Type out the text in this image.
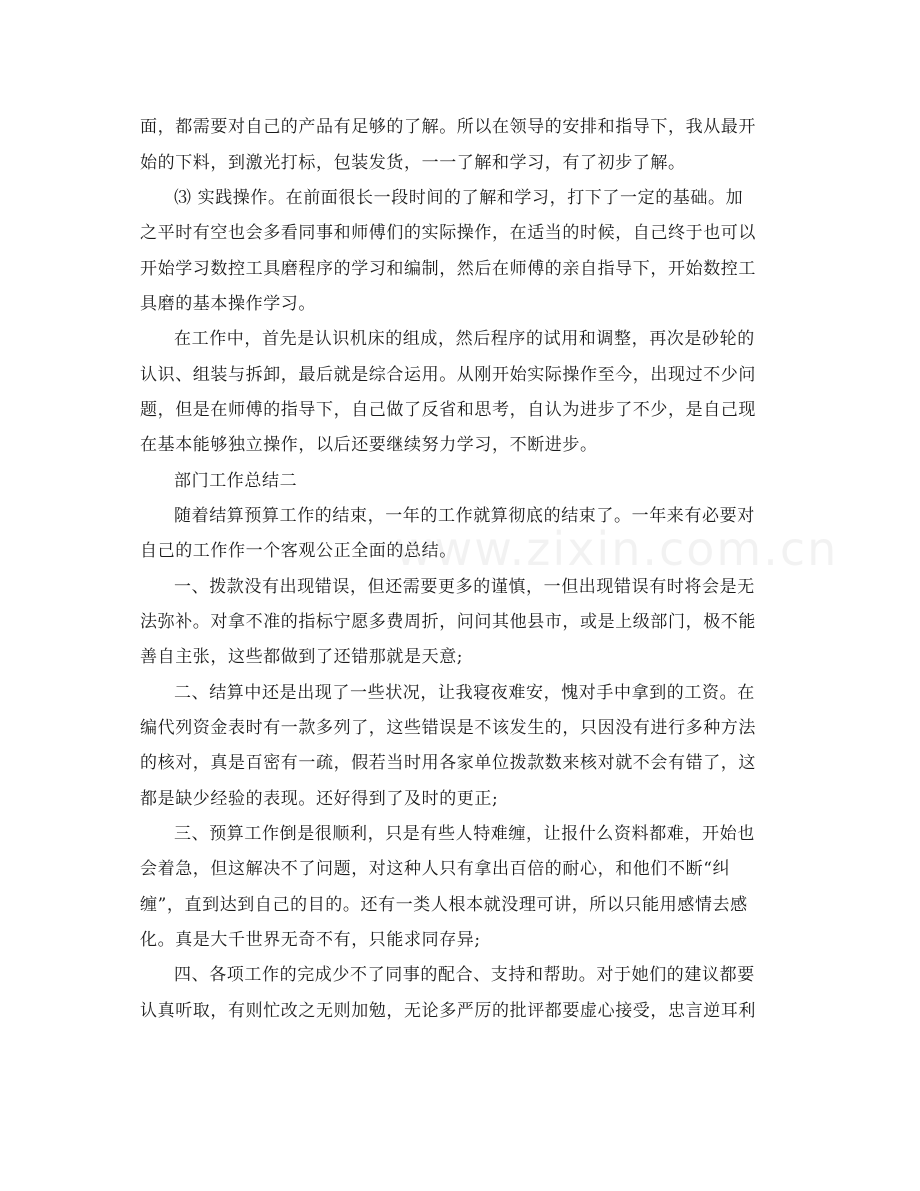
www.zixin.com.cn
面，都需要对自己的产品有足够的了解。所以在领导的安排和指导下，我从最开
始的下料，到激光打标，包装发货，一一了解和学习，有了初步了解。
⑶ 实践操作。在前面很长一段时间的了解和学习，打下了一定的基础。加
之平时有空也会多看同事和师傅们的实际操作，在适当的时候，自己终于也可以
开始学习数控工具磨程序的学习和编制，然后在师傅的亲自指导下，开始数控工
具磨的基本操作学习。
在工作中，首先是认识机床的组成，然后程序的试用和调整，再次是砂轮的
认识、组装与拆卸，最后就是综合运用。从刚开始实际操作至今，出现过不少问
题，但是在师傅的指导下，自己做了反省和思考，自认为进步了不少，是自己现
在基本能够独立操作，以后还要继续努力学习，不断进步。
部门工作总结二
随着结算预算工作的结束，一年的工作就算彻底的结束了。一年来有必要对
自己的工作作一个客观公正全面的总结。
一、拨款没有出现错误，但还需要更多的谨慎，一但出现错误有时将会是无
法弥补。对拿不准的指标宁愿多费周折，问问其他县市，或是上级部门，极不能
善自主张，这些都做到了还错那就是天意;
二、结算中还是出现了一些状况，让我寝夜难安，愧对手中拿到的工资。在
编代列资金表时有一款多列了，这些错误是不该发生的，只因没有进行多种方法
的核对，真是百密有一疏，假若当时用各家单位拨款数来核对就不会有错了，这
都是缺少经验的表现。还好得到了及时的更正;
三、预算工作倒是很顺利，只是有些人特难缠，让报什么资料都难，开始也
会着急，但这解决不了问题，对这种人只有拿出百倍的耐心，和他们不断“纠
缠”，直到达到自己的目的。还有一类人根本就没理可讲，所以只能用感情去感
化。真是大千世界无奇不有，只能求同存异;
四、各项工作的完成少不了同事的配合、支持和帮助。对于她们的建议都要
认真听取，有则忙改之无则加勉，无论多严厉的批评都要虚心接受，忠言逆耳利
